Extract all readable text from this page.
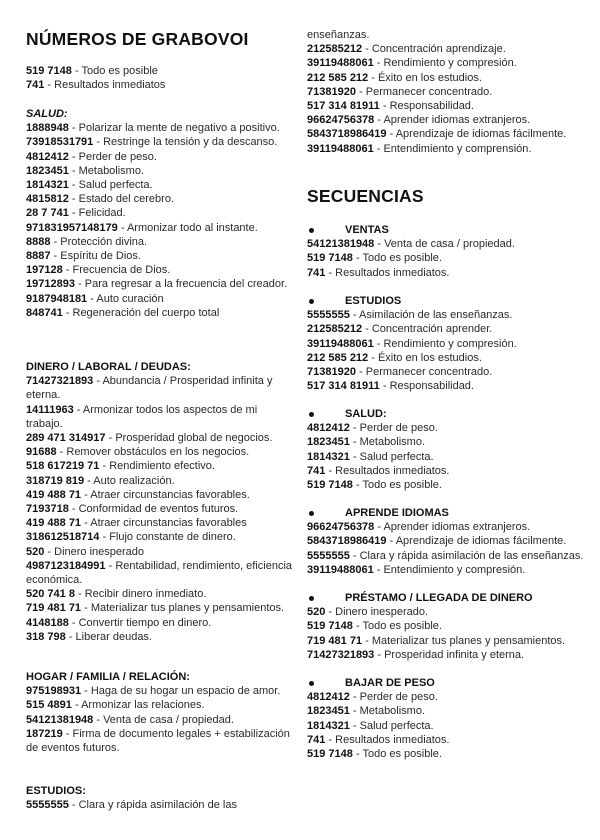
NÚMEROS DE GRABOVOI
519 7148 - Todo es posible
741 - Resultados inmediatos
SALUD:
1888948 - Polarizar la mente de negativo a positivo.
73918531791 - Restringe la tensión y da descanso.
4812412 - Perder de peso.
1823451 - Metabolismo.
1814321 - Salud perfecta.
4815812 - Estado del cerebro.
28 7 741 - Felicidad.
971831957148179 - Armonizar todo al instante.
8888 - Protección divina.
8887 - Espíritu de Dios.
197128 - Frecuencia de Dios.
19712893 - Para regresar a la frecuencia del creador.
9187948181 - Auto curación
848741 - Regeneración del cuerpo total
DINERO / LABORAL / DEUDAS:
71427321893 - Abundancia / Prosperidad infinita y eterna.
14111963 - Armonizar todos los aspectos de mi trabajo.
289 471 314917 - Prosperidad global de negocios.
91688 - Remover obstáculos en los negocios.
518 617219 71 - Rendimiento efectivo.
318719 819 - Auto realización.
419 488 71 - Atraer circunstancias favorables.
7193718 - Conformidad de eventos futuros.
419 488 71 - Atraer circunstancias favorables
318612518714 - Flujo constante de dinero.
520 - Dinero inesperado
4987123184991 - Rentabilidad, rendimiento, eficiencia económica.
520 741 8 - Recibir dinero inmediato.
719 481 71 - Materializar tus planes y pensamientos.
4148188 - Convertir tiempo en dinero.
318 798 - Liberar deudas.
HOGAR / FAMILIA / RELACIÓN:
975198931 - Haga de su hogar un espacio de amor.
515 4891 - Armonizar las relaciones.
54121381948 - Venta de casa / propiedad.
187219 - Firma de documento legales + estabilización de eventos futuros.
ESTUDIOS:
5555555 - Clara y rápida asimilación de las
enseñanzas.
212585212 - Concentración aprendizaje.
39119488061 - Rendimiento y compresión.
212 585 212 - Éxito en los estudios.
71381920 - Permanecer concentrado.
517 314 81911 - Responsabilidad.
96624756378 - Aprender idiomas extranjeros.
5843718986419 - Aprendizaje de idiomas fácilmente.
39119488061 - Entendimiento y comprensión.
SECUENCIAS
VENTAS
54121381948 - Venta de casa / propiedad.
519 7148 - Todo es posible.
741 - Resultados inmediatos.
ESTUDIOS
5555555 - Asimilación de las enseñanzas.
212585212 - Concentración aprender.
39119488061 - Rendimiento y compresión.
212 585 212 - Éxito en los estudios.
71381920 - Permanecer concentrado.
517 314 81911 - Responsabilidad.
SALUD:
4812412 - Perder de peso.
1823451 - Metabolismo.
1814321 - Salud perfecta.
741 - Resultados inmediatos.
519 7148 - Todo es posible.
APRENDE IDIOMAS
96624756378 - Aprender idiomas extranjeros.
5843718986419 - Aprendizaje de idiomas fácilmente.
5555555 - Clara y rápida asimilación de las enseñanzas.
39119488061 - Entendimiento y compresión.
PRÉSTAMO / LLEGADA DE DINERO
520 - Dinero inesperado.
519 7148 - Todo es posible.
719 481 71 - Materializar tus planes y pensamientos.
71427321893 - Prosperidad infinita y eterna.
BAJAR DE PESO
4812412 - Perder de peso.
1823451 - Metabolismo.
1814321 - Salud perfecta.
741 - Resultados inmediatos.
519 7148 - Todo es posible.
